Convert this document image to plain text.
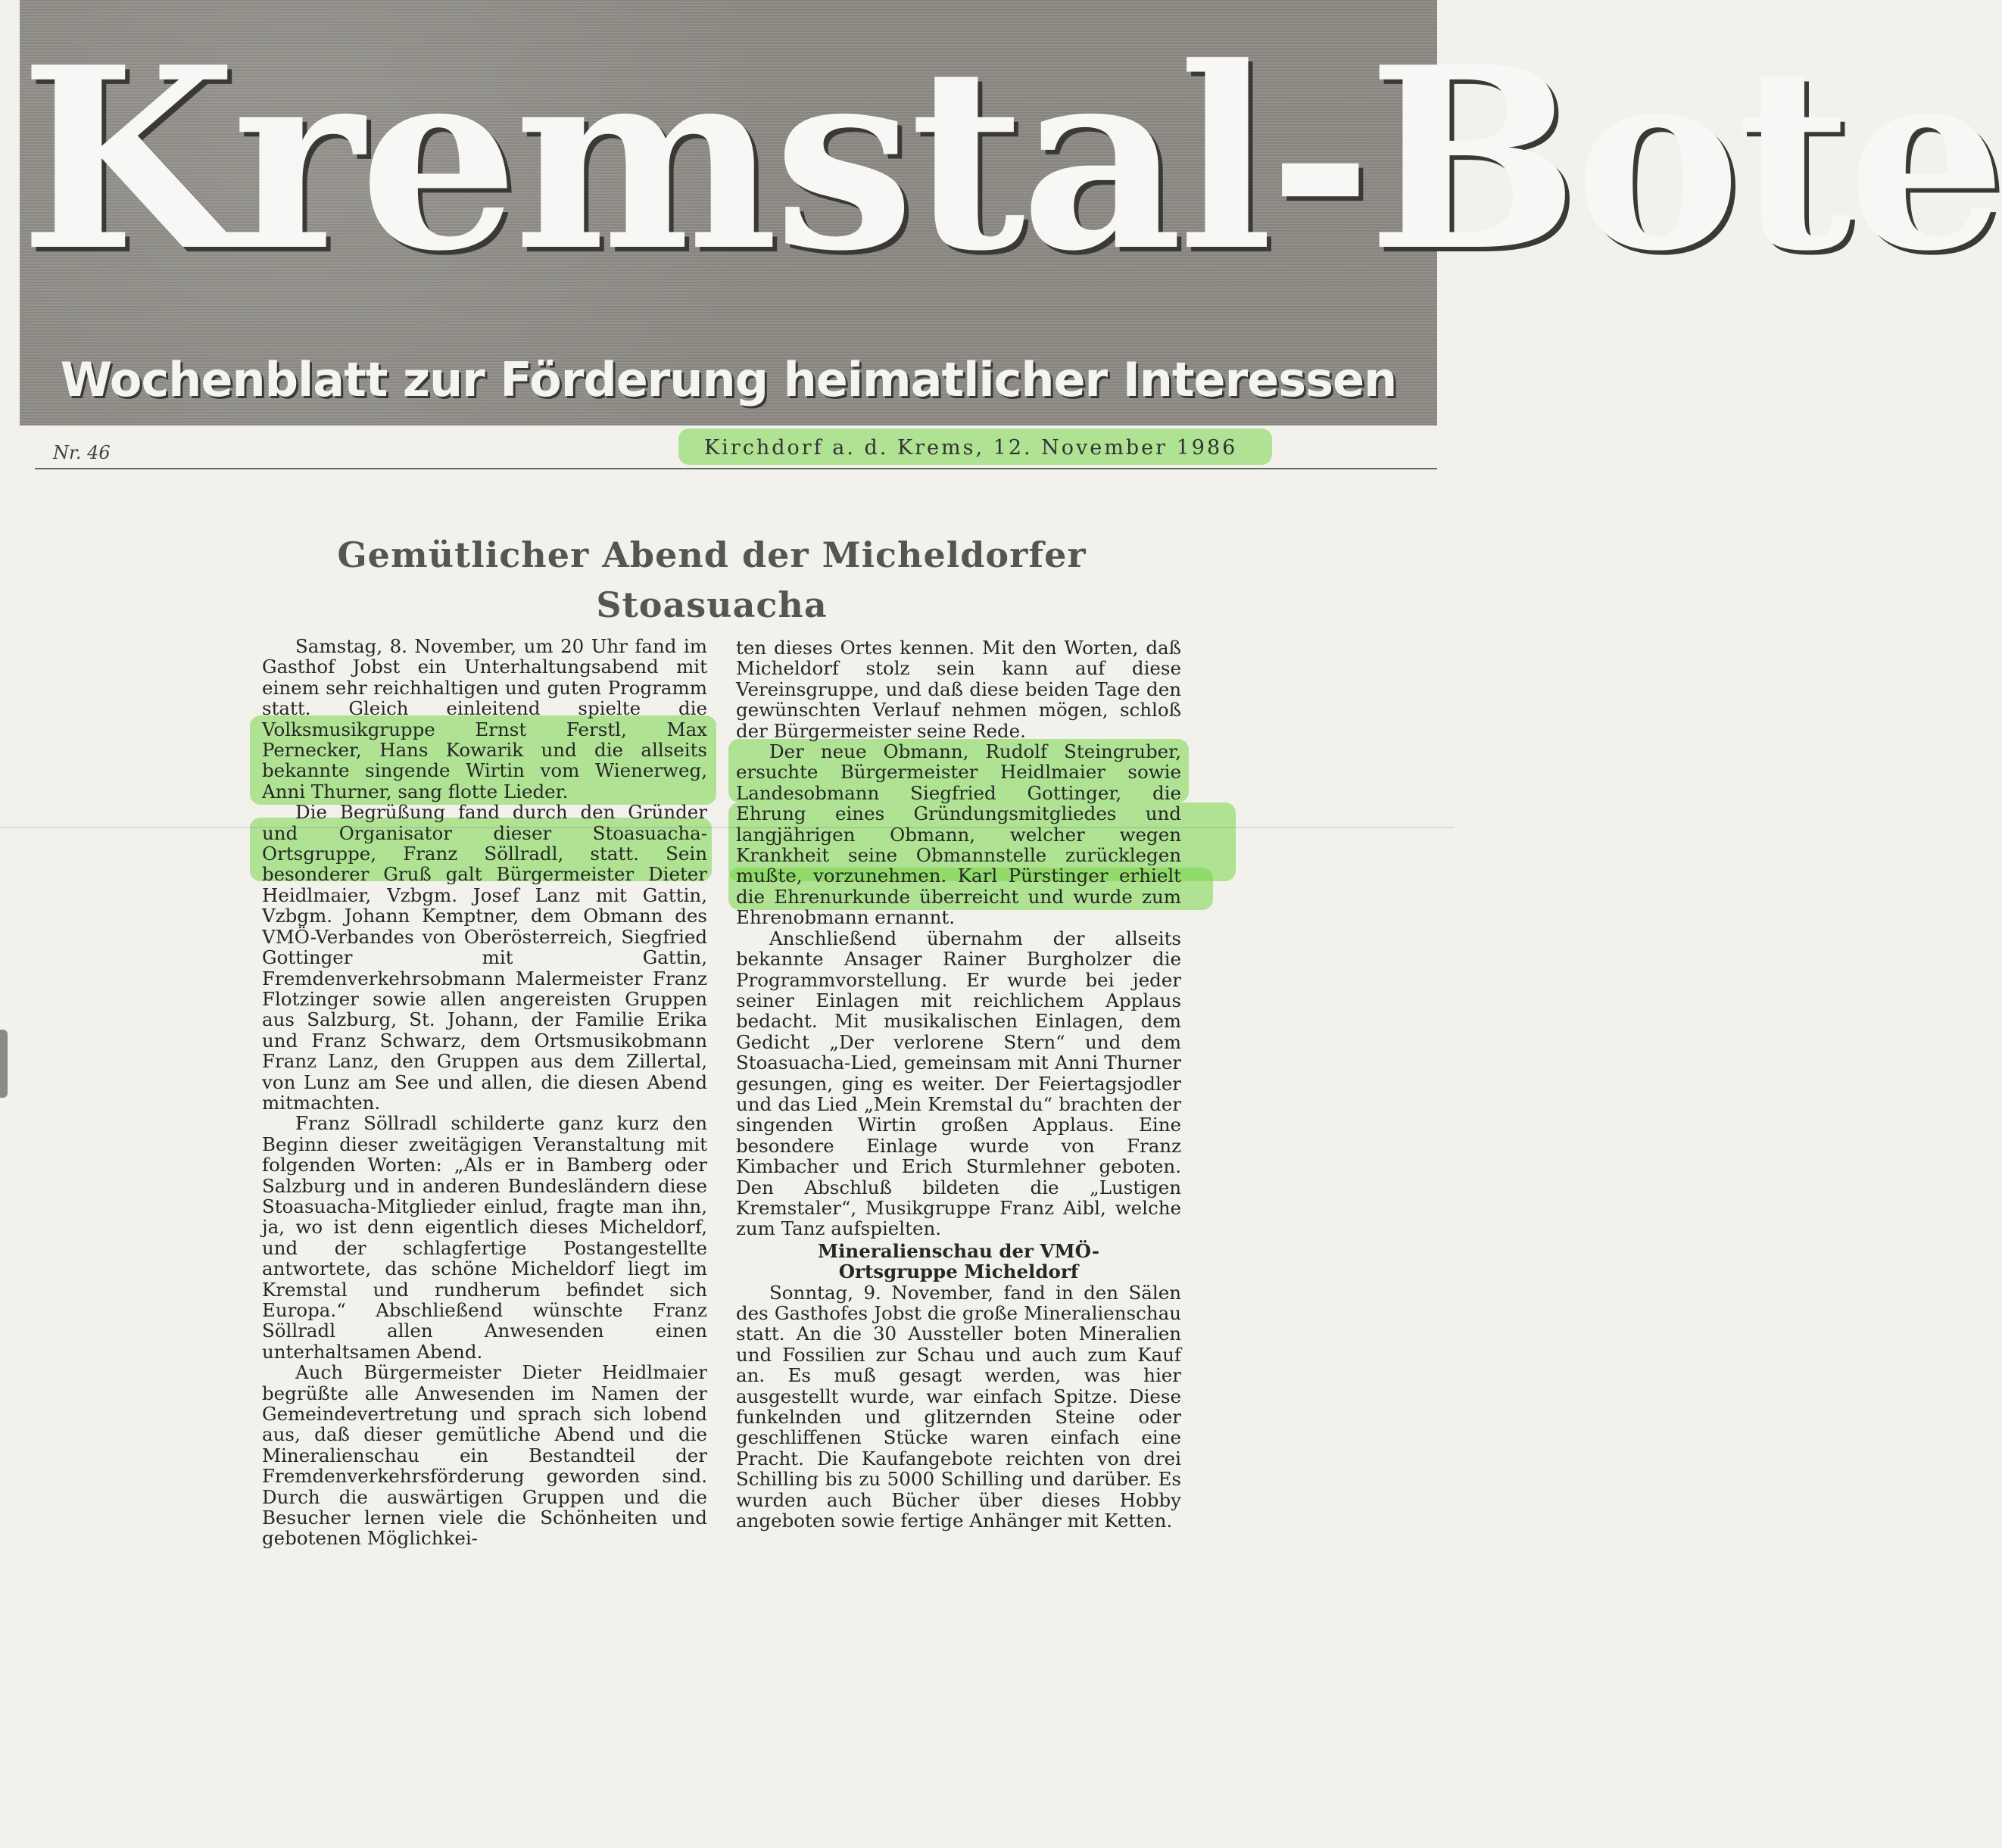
Kremstal-Bote
Wochenblatt zur Förderung heimatlicher Interessen
Nr. 46	Kirchdorf a. d. Krems, 12. November 1986
Gemütlicher Abend der Micheldorfer
Stoasuacha

Samstag, 8. November, um 20 Uhr fand im Gasthof Jobst ein Unterhaltungsabend mit einem sehr reichhaltigen und guten Programm statt. Gleich einleitend spielte die Volksmusikgruppe Ernst Ferstl, Max Pernecker, Hans Kowarik und die allseits bekannte singende Wirtin vom Wienerweg, Anni Thurner, sang flotte Lieder.

Die Begrüßung fand durch den Gründer und Organisator dieser Stoasuacha-Ortsgruppe, Franz Söllradl, statt. Sein besonderer Gruß galt Bürgermeister Dieter Heidlmaier, Vzbgm. Josef Lanz mit Gattin, Vzbgm. Johann Kemptner, dem Obmann des VMÖ-Verbandes von Oberösterreich, Siegfried Gottinger mit Gattin, Fremdenverkehrsobmann Malermeister Franz Flotzinger sowie allen angereisten Gruppen aus Salzburg, St. Johann, der Familie Erika und Franz Schwarz, dem Ortsmusikobmann Franz Lanz, den Gruppen aus dem Zillertal, von Lunz am See und allen, die diesen Abend mitmachten.

Franz Söllradl schilderte ganz kurz den Beginn dieser zweitägigen Veranstaltung mit folgenden Worten: „Als er in Bamberg oder Salzburg und in anderen Bundesländern diese Stoasuacha-Mitglieder einlud, fragte man ihn, ja, wo ist denn eigentlich dieses Micheldorf, und der schlagfertige Postangestellte antwortete, das schöne Micheldorf liegt im Kremstal und rundherum befindet sich Europa.“ Abschließend wünschte Franz Söllradl allen Anwesenden einen unterhaltsamen Abend.

Auch Bürgermeister Dieter Heidlmaier begrüßte alle Anwesenden im Namen der Gemeindevertretung und sprach sich lobend aus, daß dieser gemütliche Abend und die Mineralienschau ein Bestandteil der Fremdenverkehrsförderung geworden sind. Durch die auswärtigen Gruppen und die Besucher lernen viele die Schönheiten und gebotenen Möglichkei-

ten dieses Ortes kennen. Mit den Worten, daß Micheldorf stolz sein kann auf diese Vereinsgruppe, und daß diese beiden Tage den gewünschten Verlauf nehmen mögen, schloß der Bürgermeister seine Rede.

Der neue Obmann, Rudolf Steingruber, ersuchte Bürgermeister Heidlmaier sowie Landesobmann Siegfried Gottinger, die Ehrung eines Gründungsmitgliedes und langjährigen Obmann, welcher wegen Krankheit seine Obmannstelle zurücklegen mußte, vorzunehmen. Karl Pürstinger erhielt die Ehrenurkunde überreicht und wurde zum Ehrenobmann ernannt.

Anschließend übernahm der allseits bekannte Ansager Rainer Burgholzer die Programmvorstellung. Er wurde bei jeder seiner Einlagen mit reichlichem Applaus bedacht. Mit musikalischen Einlagen, dem Gedicht „Der verlorene Stern“ und dem Stoasuacha-Lied, gemeinsam mit Anni Thurner gesungen, ging es weiter. Der Feiertagsjodler und das Lied „Mein Kremstal du“ brachten der singenden Wirtin großen Applaus. Eine besondere Einlage wurde von Franz Kimbacher und Erich Sturmlehner geboten. Den Abschluß bildeten die „Lustigen Kremstaler“, Musikgruppe Franz Aibl, welche zum Tanz aufspielten.

Mineralienschau der VMÖ-
Ortsgruppe Micheldorf

Sonntag, 9. November, fand in den Sälen des Gasthofes Jobst die große Mineralienschau statt. An die 30 Aussteller boten Mineralien und Fossilien zur Schau und auch zum Kauf an. Es muß gesagt werden, was hier ausgestellt wurde, war einfach Spitze. Diese funkelnden und glitzernden Steine oder geschliffenen Stücke waren einfach eine Pracht. Die Kaufangebote reichten von drei Schilling bis zu 5000 Schilling und darüber. Es wurden auch Bücher über dieses Hobby angeboten sowie fertige Anhänger mit Ketten.
